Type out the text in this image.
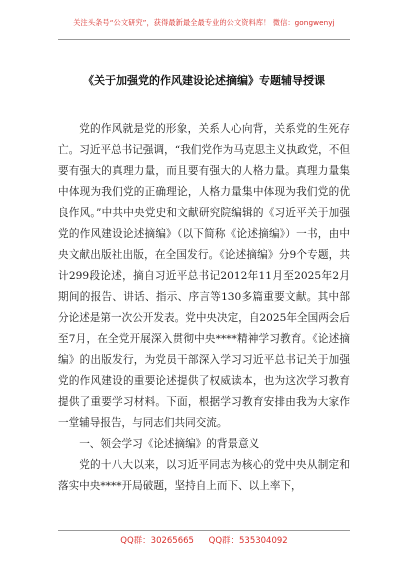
关注头条号“公文研究”，获得最新最全最专业的公文资料库！ 微信：gongwenyj
《关于加强党的作风建设论述摘编》专题辅导授课

党的作风就是党的形象，关系人心向背，关系党的生死存亡。习近平总书记强调，“我们党作为马克思主义执政党，不但要有强大的真理力量，而且要有强大的人格力量。真理力量集中体现为我们党的正确理论，人格力量集中体现为我们党的优良作风。”中共中央党史和文献研究院编辑的《习近平关于加强党的作风建设论述摘编》（以下简称《论述摘编》）一书，由中央文献出版社出版，在全国发行。《论述摘编》分9个专题，共计299段论述，摘自习近平总书记2012年11月至2025年2月期间的报告、讲话、指示、序言等130多篇重要文献。其中部分论述是第一次公开发表。党中央决定，自2025年全国两会后至7月，在全党开展深入贯彻中央****精神学习教育。《论述摘编》的出版发行，为党员干部深入学习习近平总书记关于加强党的作风建设的重要论述提供了权威读本，也为这次学习教育提供了重要学习材料。下面，根据学习教育安排由我为大家作一堂辅导报告，与同志们共同交流。

一、领会学习《论述摘编》的背景意义

党的十八大以来，以习近平同志为核心的党中央从制定和落实中央****开局破题，坚持自上而下、以上率下，

QQ群：30265665 QQ群：535304092
